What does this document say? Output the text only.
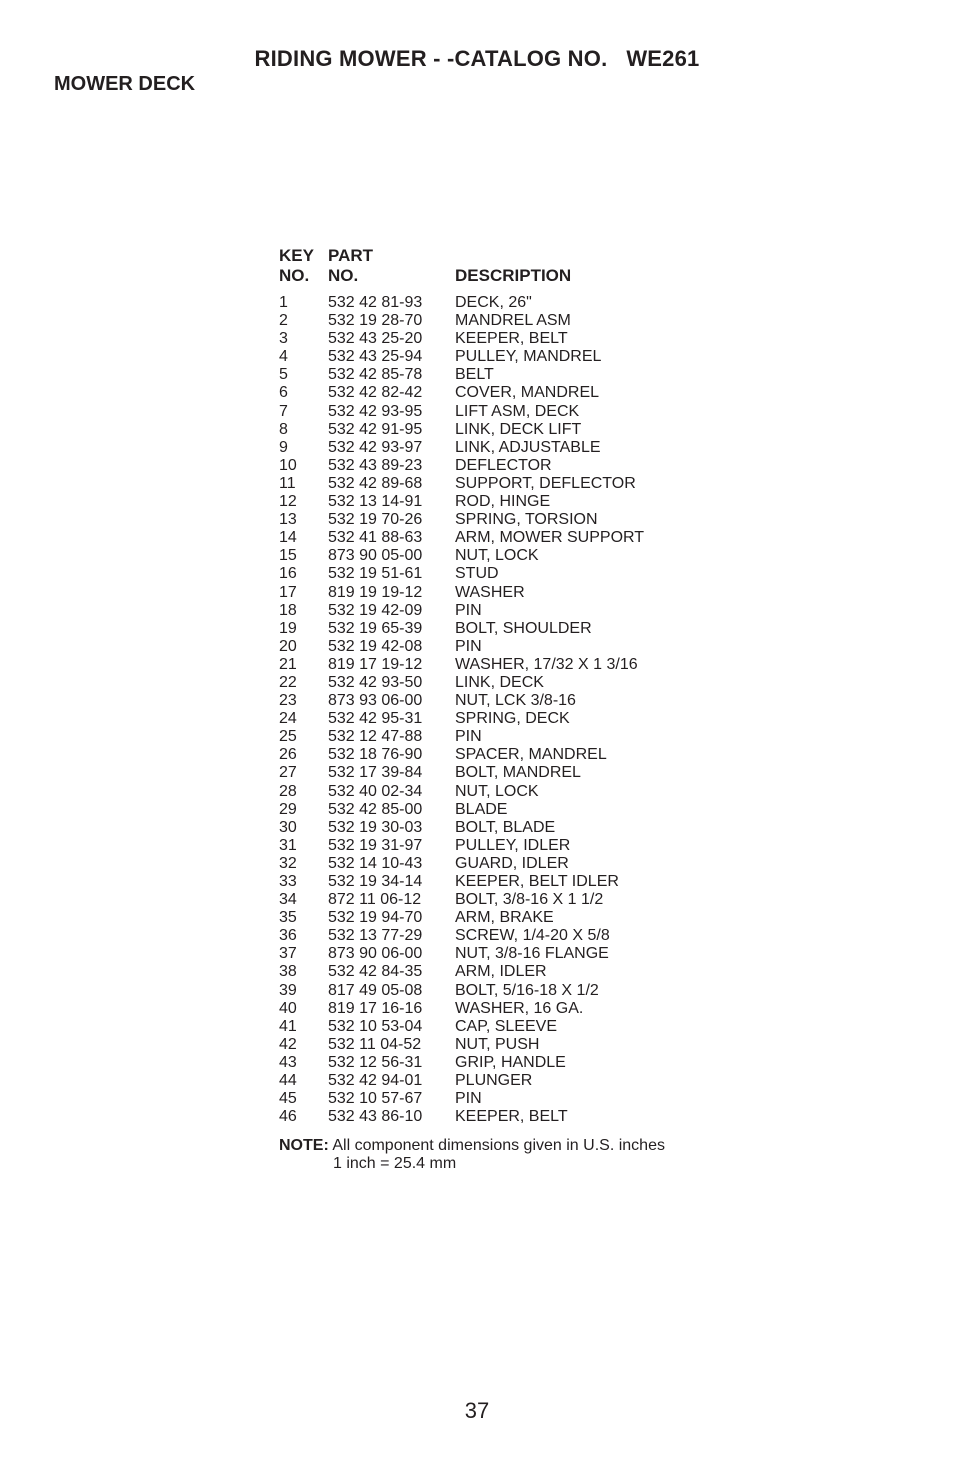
RIDING MOWER - -CATALOG NO.   WE261
MOWER DECK
KEY	PART	
NO.	NO.	DESCRIPTION

1	532 42 81-93	DECK, 26"
2	532 19 28-70	MANDREL ASM
3	532 43 25-20	KEEPER, BELT
4	532 43 25-94	PULLEY, MANDREL
5	532 42 85-78	BELT
6	532 42 82-42	COVER, MANDREL
7	532 42 93-95	LIFT ASM, DECK
8	532 42 91-95	LINK, DECK LIFT
9	532 42 93-97	LINK, ADJUSTABLE
10	532 43 89-23	DEFLECTOR
11	532 42 89-68	SUPPORT, DEFLECTOR
12	532 13 14-91	ROD, HINGE
13	532 19 70-26	SPRING, TORSION
14	532 41 88-63	ARM, MOWER SUPPORT
15	873 90 05-00	NUT, LOCK
16	532 19 51-61	STUD
17	819 19 19-12	WASHER
18	532 19 42-09	PIN
19	532 19 65-39	BOLT, SHOULDER
20	532 19 42-08	PIN
21	819 17 19-12	WASHER, 17/32 X 1 3/16
22	532 42 93-50	LINK, DECK
23	873 93 06-00	NUT, LCK 3/8-16
24	532 42 95-31	SPRING, DECK
25	532 12 47-88	PIN
26	532 18 76-90	SPACER, MANDREL
27	532 17 39-84	BOLT, MANDREL
28	532 40 02-34	NUT, LOCK
29	532 42 85-00	BLADE
30	532 19 30-03	BOLT, BLADE
31	532 19 31-97	PULLEY, IDLER
32	532 14 10-43	GUARD, IDLER
33	532 19 34-14	KEEPER, BELT IDLER
34	872 11 06-12	BOLT, 3/8-16 X 1 1/2
35	532 19 94-70	ARM, BRAKE
36	532 13 77-29	SCREW, 1/4-20 X 5/8
37	873 90 06-00	NUT, 3/8-16 FLANGE
38	532 42 84-35	ARM, IDLER
39	817 49 05-08	BOLT, 5/16-18 X 1/2
40	819 17 16-16	WASHER, 16 GA.
41	532 10 53-04	CAP, SLEEVE
42	532 11 04-52	NUT, PUSH
43	532 12 56-31	GRIP, HANDLE
44	532 42 94-01	PLUNGER
45	532 10 57-67	PIN
46	532 43 86-10	KEEPER, BELT
NOTE: All component dimensions given in U.S. inches
1 inch = 25.4 mm
37
